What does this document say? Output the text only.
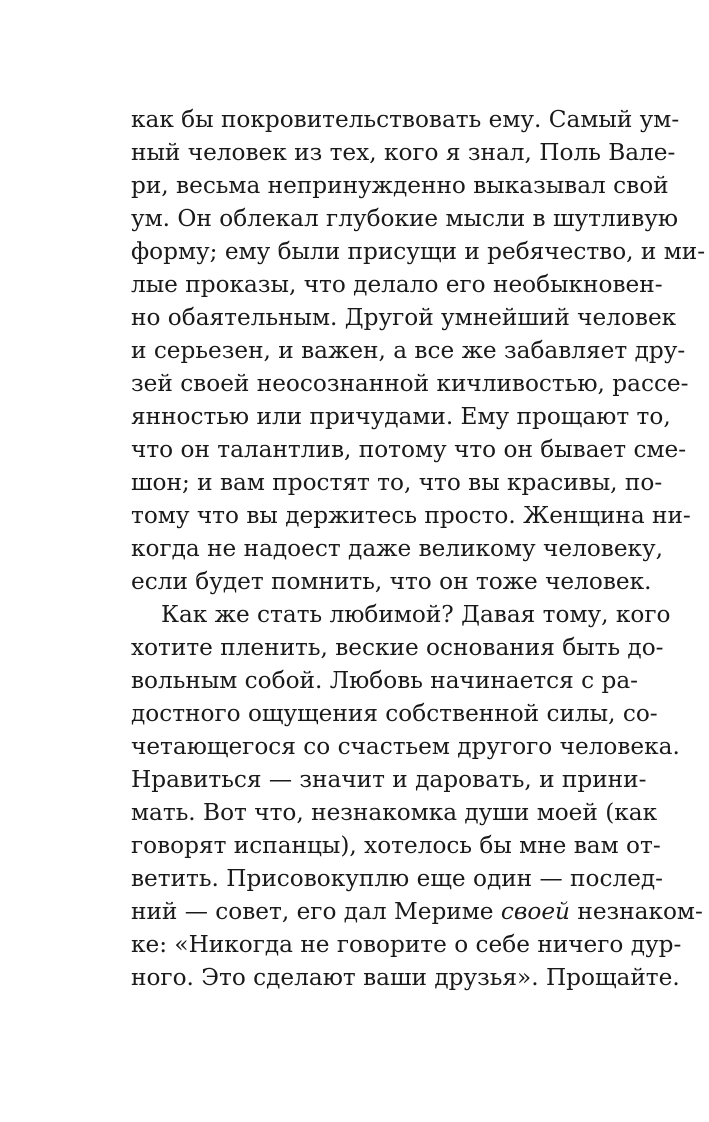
как бы покровительствовать ему. Самый ум-
ный человек из тех, кого я знал, Поль Вале-
ри, весьма непринужденно выказывал свой
ум. Он облекал глубокие мысли в шутливую
форму; ему были присущи и ребячество, и ми-
лые проказы, что делало его необыкновен-
но обаятельным. Другой умнейший человек
и серьезен, и важен, а все же забавляет дру-
зей своей неосознанной кичливостью, рассе-
янностью или причудами. Ему прощают то,
что он талантлив, потому что он бывает сме-
шон; и вам простят то, что вы красивы, по-
тому что вы держитесь просто. Женщина ни-
когда не надоест даже великому человеку,
если будет помнить, что он тоже человек.
Как же стать любимой? Давая тому, кого
хотите пленить, веские основания быть до-
вольным собой. Любовь начинается с ра-
достного ощущения собственной силы, со-
четающегося со счастьем другого человека.
Нравиться — значит и даровать, и прини-
мать. Вот что, незнакомка души моей (как
говорят испанцы), хотелось бы мне вам от-
ветить. Присовокуплю еще один — послед-
ний — совет, его дал Мериме своей незнаком-
ке: «Никогда не говорите о себе ничего дур-
ного. Это сделают ваши друзья». Прощайте.
